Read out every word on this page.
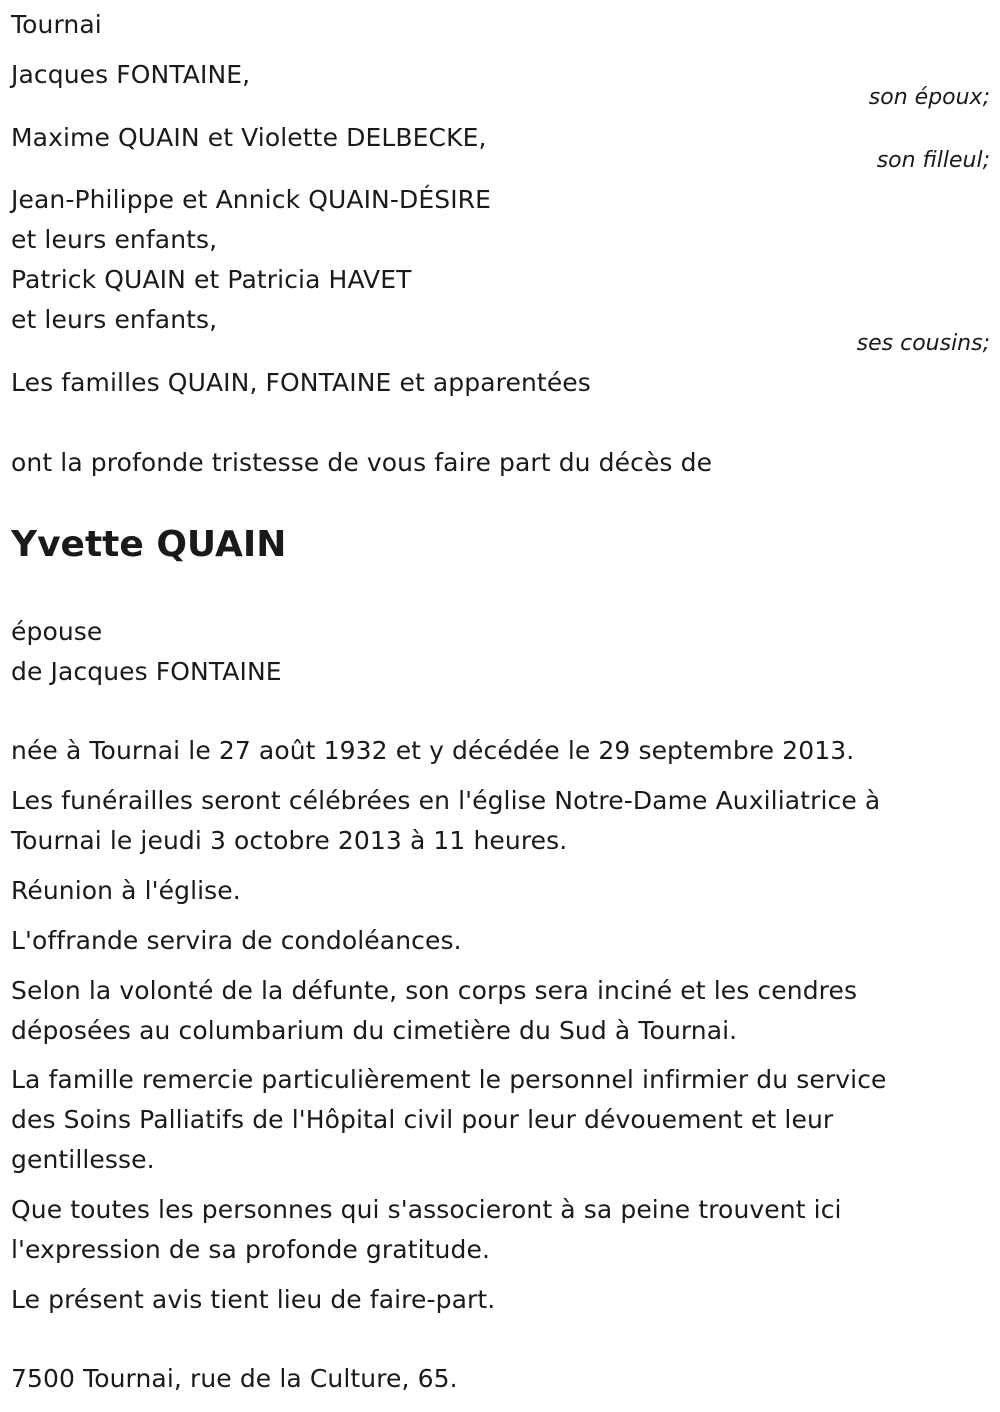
Tournai
Jacques FONTAINE,
son époux;
Maxime QUAIN et Violette DELBECKE,
son filleul;
Jean-Philippe et Annick QUAIN-DÉSIRE
et leurs enfants,
Patrick QUAIN et Patricia HAVET
et leurs enfants,
ses cousins;
Les familles QUAIN, FONTAINE et apparentées
ont la profonde tristesse de vous faire part du décès de
Yvette QUAIN
épouse
de Jacques FONTAINE
née à Tournai le 27 août 1932 et y décédée le 29 septembre 2013.
Les funérailles seront célébrées en l'église Notre-Dame Auxiliatrice à
Tournai le jeudi 3 octobre 2013 à 11 heures.
Réunion à l'église.
L'offrande servira de condoléances.
Selon la volonté de la défunte, son corps sera inciné et les cendres
déposées au columbarium du cimetière du Sud à Tournai.
La famille remercie particulièrement le personnel infirmier du service
des Soins Palliatifs de l'Hôpital civil pour leur dévouement et leur
gentillesse.
Que toutes les personnes qui s'associeront à sa peine trouvent ici
l'expression de sa profonde gratitude.
Le présent avis tient lieu de faire-part.
7500 Tournai, rue de la Culture, 65.
